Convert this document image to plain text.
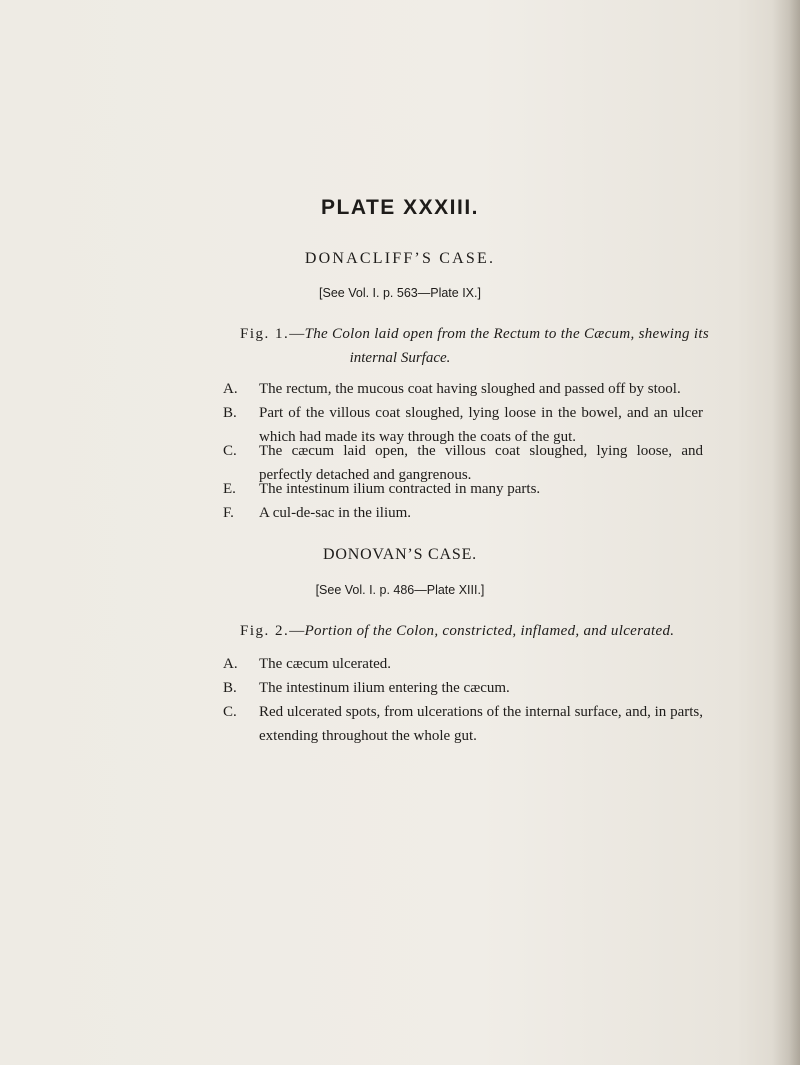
PLATE XXXIII.
DONACLIFF’S CASE.
[See Vol. I. p. 563—Plate IX.]
Fig. 1.—The Colon laid open from the Rectum to the Cæcum, shewing its
internal Surface.
A.	The rectum, the mucous coat having sloughed and passed off by stool.
B.	Part of the villous coat sloughed, lying loose in the bowel, and an ulcer which had made its way through the coats of the gut.
C.	The cæcum laid open, the villous coat sloughed, lying loose, and perfectly detached and gangrenous.
E.	The intestinum ilium contracted in many parts.
F.	A cul-de-sac in the ilium.
DONOVAN’S CASE.
[See Vol. I. p. 486—Plate XIII.]
Fig. 2.—Portion of the Colon, constricted, inflamed, and ulcerated.
A.	The cæcum ulcerated.
B.	The intestinum ilium entering the cæcum.
C.	Red ulcerated spots, from ulcerations of the internal surface, and, in parts, extending throughout the whole gut.
